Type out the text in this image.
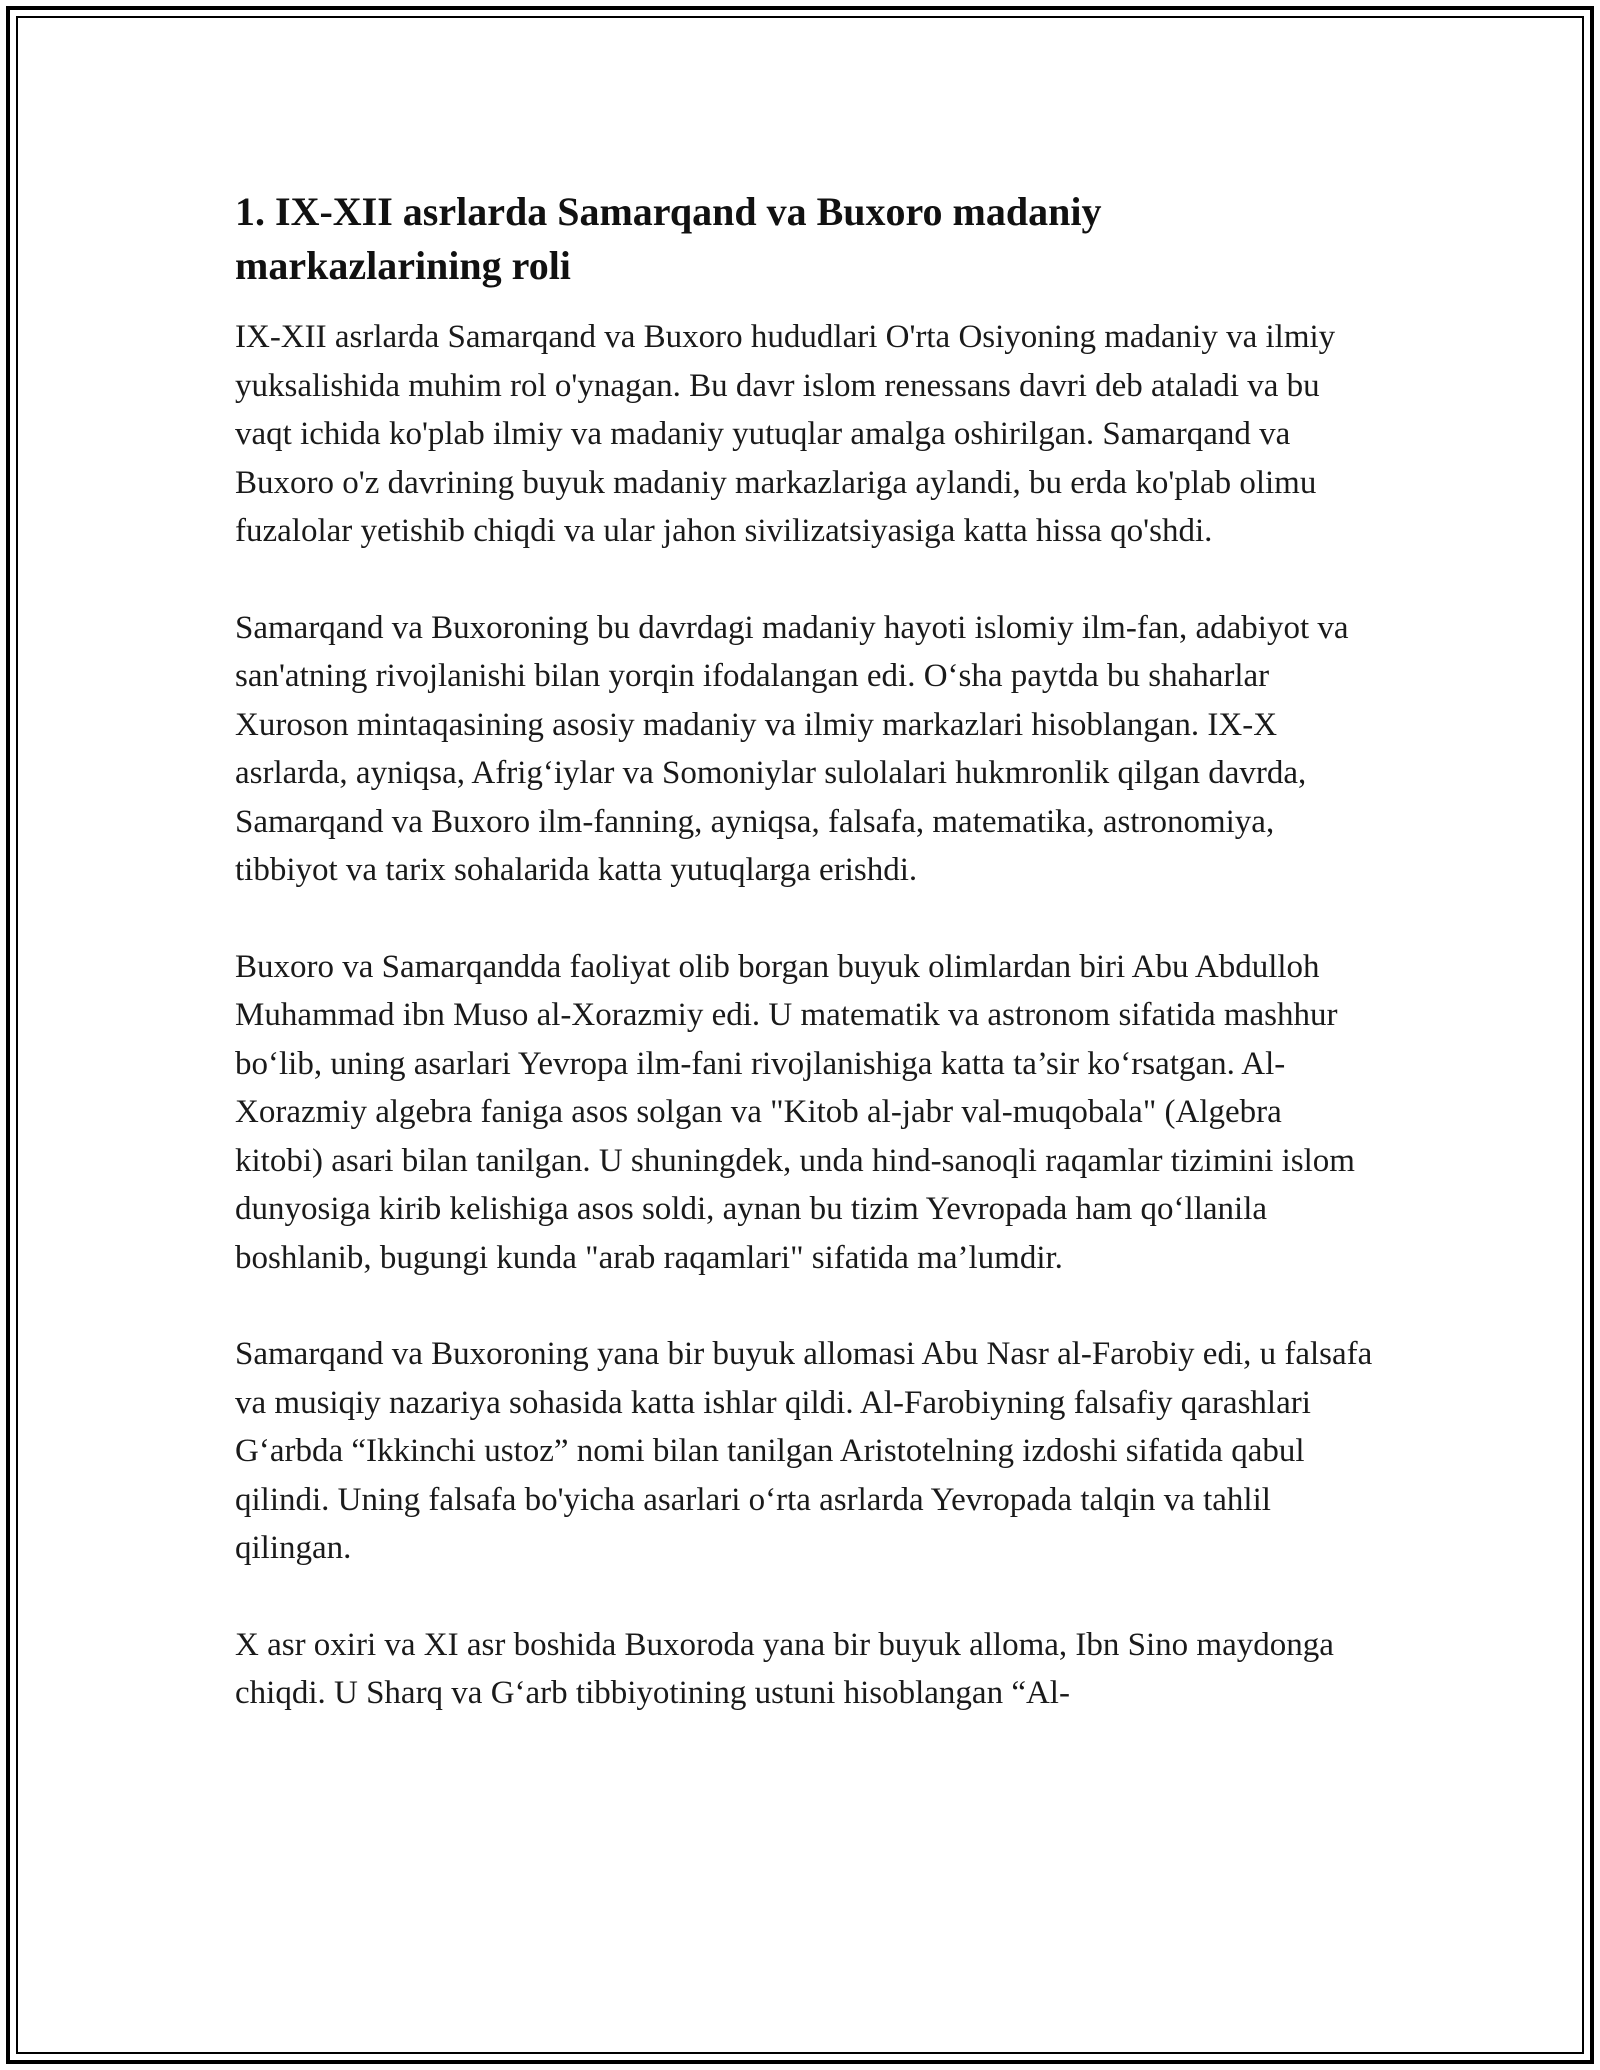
1. IX-XII asrlarda Samarqand va Buxoro madaniy
markazlarining roli

IX-XII asrlarda Samarqand va Buxoro hududlari O'rta Osiyoning madaniy va ilmiy yuksalishida muhim rol o'ynagan. Bu davr islom renessans davri deb ataladi va bu vaqt ichida ko'plab ilmiy va madaniy yutuqlar amalga oshirilgan. Samarqand va Buxoro o'z davrining buyuk madaniy markazlariga aylandi, bu erda ko'plab olimu fuzalolar yetishib chiqdi va ular jahon sivilizatsiyasiga katta hissa qo'shdi.

Samarqand va Buxoroning bu davrdagi madaniy hayoti islomiy ilm-fan, adabiyot va san'atning rivojlanishi bilan yorqin ifodalangan edi. O‘sha paytda bu shaharlar Xuroson mintaqasining asosiy madaniy va ilmiy markazlari hisoblangan. IX-X asrlarda, ayniqsa, Afrig‘iylar va Somoniylar sulolalari hukmronlik qilgan davrda, Samarqand va Buxoro ilm-fanning, ayniqsa, falsafa, matematika, astronomiya, tibbiyot va tarix sohalarida katta yutuqlarga erishdi.

Buxoro va Samarqandda faoliyat olib borgan buyuk olimlardan biri Abu Abdulloh Muhammad ibn Muso al-Xorazmiy edi. U matematik va astronom sifatida mashhur bo‘lib, uning asarlari Yevropa ilm-fani rivojlanishiga katta ta’sir ko‘rsatgan. Al-Xorazmiy algebra faniga asos solgan va "Kitob al-jabr val-muqobala" (Algebra kitobi) asari bilan tanilgan. U shuningdek, unda hind-sanoqli raqamlar tizimini islom dunyosiga kirib kelishiga asos soldi, aynan bu tizim Yevropada ham qo‘llanila boshlanib, bugungi kunda "arab raqamlari" sifatida ma’lumdir.

Samarqand va Buxoroning yana bir buyuk allomasi Abu Nasr al-Farobiy edi, u falsafa va musiqiy nazariya sohasida katta ishlar qildi. Al-Farobiyning falsafiy qarashlari G‘arbda “Ikkinchi ustoz” nomi bilan tanilgan Aristotelning izdoshi sifatida qabul qilindi. Uning falsafa bo'yicha asarlari o‘rta asrlarda Yevropada talqin va tahlil qilingan.

X asr oxiri va XI asr boshida Buxoroda yana bir buyuk alloma, Ibn Sino maydonga chiqdi. U Sharq va G‘arb tibbiyotining ustuni hisoblangan “Al-
